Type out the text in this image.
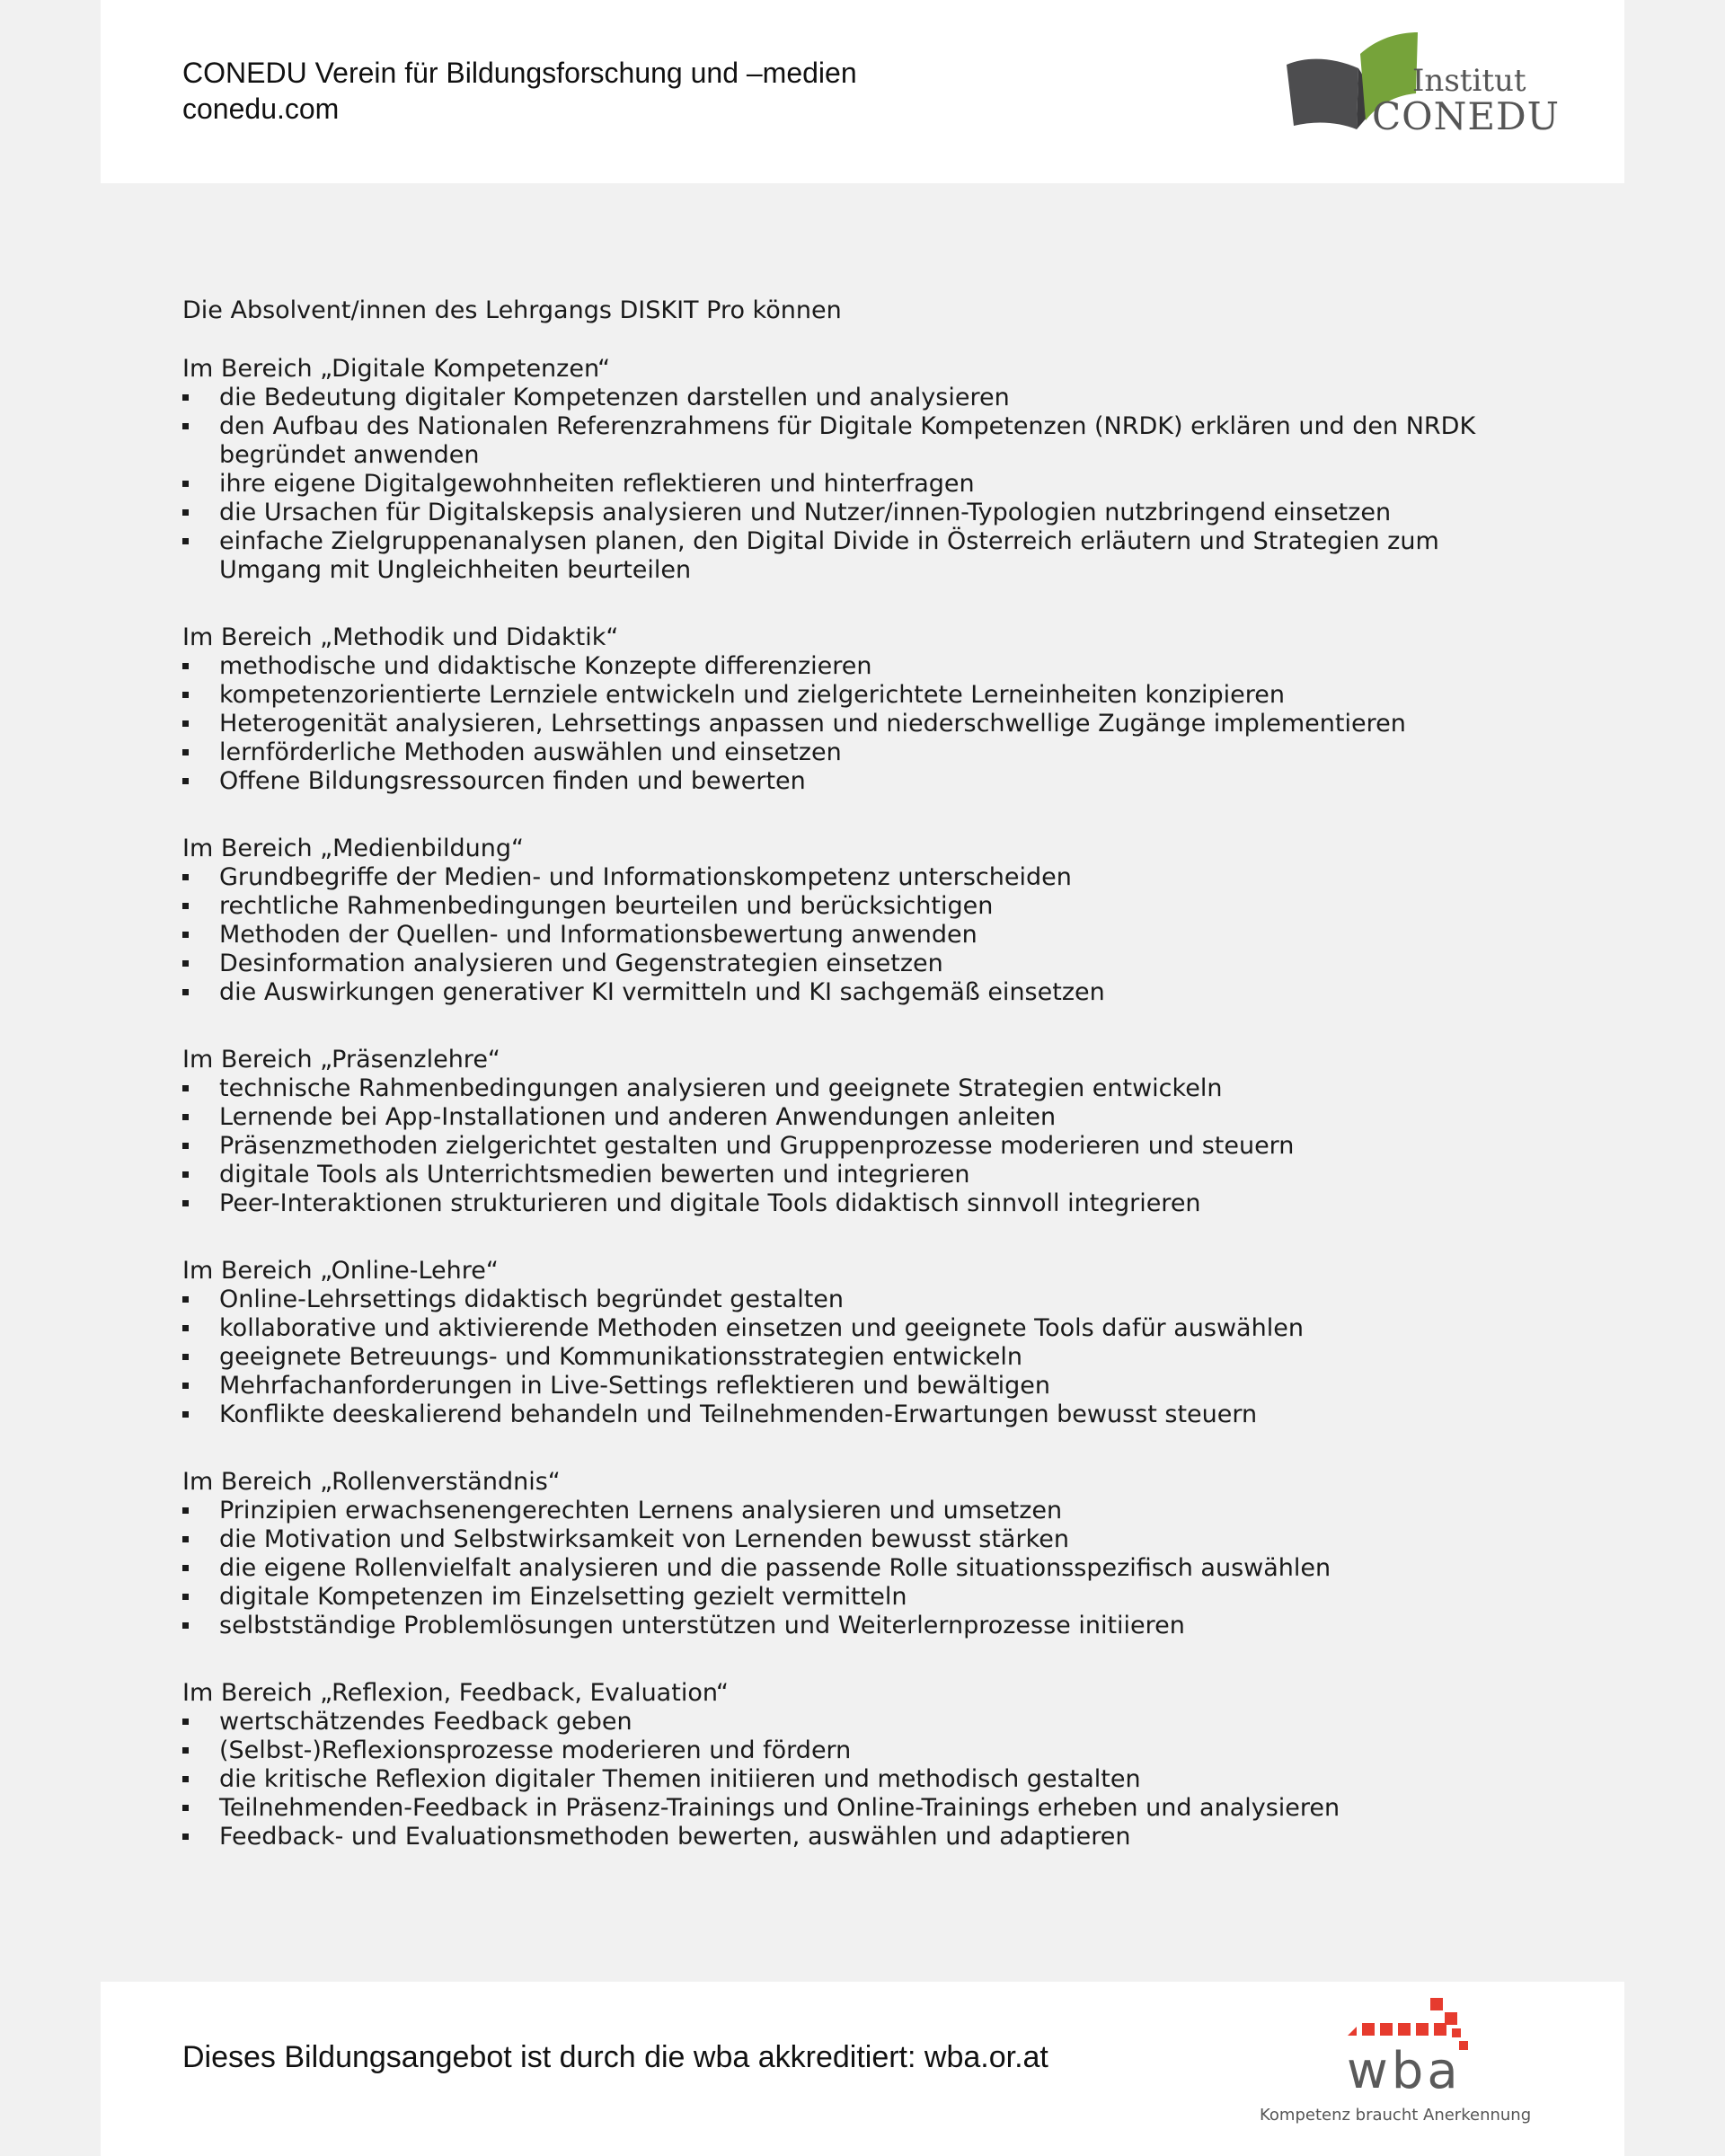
CONEDU Verein für Bildungsforschung und –medien
conedu.com
Institut
CONEDU

Die Absolvent/innen des Lehrgangs DISKIT Pro können

Im Bereich „Digitale Kompetenzen“

die Bedeutung digitaler Kompetenzen darstellen und analysieren
den Aufbau des Nationalen Referenzrahmens für Digitale Kompetenzen (NRDK) erklären und den NRDK begründet anwenden
ihre eigene Digitalgewohnheiten reflektieren und hinterfragen
die Ursachen für Digitalskepsis analysieren und Nutzer/innen-Typologien nutzbringend einsetzen
einfache Zielgruppenanalysen planen, den Digital Divide in Österreich erläutern und Strategien zum Umgang mit Ungleichheiten beurteilen

Im Bereich „Methodik und Didaktik“

methodische und didaktische Konzepte differenzieren
kompetenzorientierte Lernziele entwickeln und zielgerichtete Lerneinheiten konzipieren
Heterogenität analysieren, Lehrsettings anpassen und niederschwellige Zugänge implementieren
lernförderliche Methoden auswählen und einsetzen
Offene Bildungsressourcen finden und bewerten

Im Bereich „Medienbildung“

Grundbegriffe der Medien- und Informationskompetenz unterscheiden
rechtliche Rahmenbedingungen beurteilen und berücksichtigen
Methoden der Quellen- und Informationsbewertung anwenden
Desinformation analysieren und Gegenstrategien einsetzen
die Auswirkungen generativer KI vermitteln und KI sachgemäß einsetzen

Im Bereich „Präsenzlehre“

technische Rahmenbedingungen analysieren und geeignete Strategien entwickeln
Lernende bei App-Installationen und anderen Anwendungen anleiten
Präsenzmethoden zielgerichtet gestalten und Gruppenprozesse moderieren und steuern
digitale Tools als Unterrichtsmedien bewerten und integrieren
Peer-Interaktionen strukturieren und digitale Tools didaktisch sinnvoll integrieren

Im Bereich „Online-Lehre“

Online-Lehrsettings didaktisch begründet gestalten
kollaborative und aktivierende Methoden einsetzen und geeignete Tools dafür auswählen
geeignete Betreuungs- und Kommunikationsstrategien entwickeln
Mehrfachanforderungen in Live-Settings reflektieren und bewältigen
Konflikte deeskalierend behandeln und Teilnehmenden-Erwartungen bewusst steuern

Im Bereich „Rollenverständnis“

Prinzipien erwachsenengerechten Lernens analysieren und umsetzen
die Motivation und Selbstwirksamkeit von Lernenden bewusst stärken
die eigene Rollenvielfalt analysieren und die passende Rolle situationsspezifisch auswählen
digitale Kompetenzen im Einzelsetting gezielt vermitteln
selbstständige Problemlösungen unterstützen und Weiterlernprozesse initiieren

Im Bereich „Reflexion, Feedback, Evaluation“

wertschätzendes Feedback geben
(Selbst-)Reflexionsprozesse moderieren und fördern
die kritische Reflexion digitaler Themen initiieren und methodisch gestalten
Teilnehmenden-Feedback in Präsenz-Trainings und Online-Trainings erheben und analysieren
Feedback- und Evaluationsmethoden bewerten, auswählen und adaptieren
Dieses Bildungsangebot ist durch die wba akkreditiert: wba.or.at	wba
Kompetenz braucht Anerkennung
